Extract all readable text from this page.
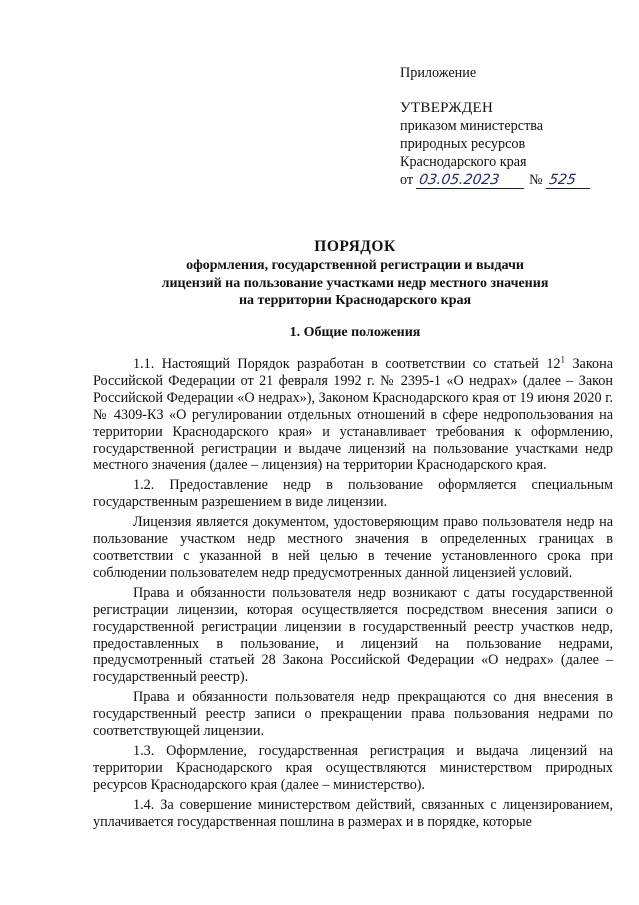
Приложение
УТВЕРЖДЕН
приказом министерства
природных ресурсов
Краснодарского края
от 03.05.2023	№ 525
ПОРЯДОК
оформления, государственной регистрации и выдачи
лицензий на пользование участками недр местного значения
на территории Краснодарского края
1. Общие положения

1.1. Настоящий Порядок разработан в соответствии со статьей $12^1$ Закона Российской Федерации от 21 февраля 1992 г. № 2395-1 «О недрах» (далее – Закон Российской Федерации «О недрах»), Законом Краснодарского края от 19 июня 2020 г. № 4309-КЗ «О регулировании отдельных отношений в сфере недропользования на территории Краснодарского края» и устанавливает требования к оформлению, государственной регистрации и выдаче лицензий на пользование участками недр местного значения (далее – лицензия) на территории Краснодарского края.

1.2. Предоставление недр в пользование оформляется специальным государственным разрешением в виде лицензии.

Лицензия является документом, удостоверяющим право пользователя недр на пользование участком недр местного значения в определенных границах в соответствии с указанной в ней целью в течение установленного срока при соблюдении пользователем недр предусмотренных данной лицензией условий.

Права и обязанности пользователя недр возникают с даты государственной регистрации лицензии, которая осуществляется посредством внесения записи о государственной регистрации лицензии в государственный реестр участков недр, предоставленных в пользование, и лицензий на пользование недрами, предусмотренный статьей 28 Закона Российской Федерации «О недрах» (далее – государственный реестр).

Права и обязанности пользователя недр прекращаются со дня внесения в государственный реестр записи о прекращении права пользования недрами по соответствующей лицензии.

1.3. Оформление, государственная регистрация и выдача лицензий на территории Краснодарского края осуществляются министерством природных ресурсов Краснодарского края (далее – министерство).

1.4. За совершение министерством действий, связанных с лицензированием, уплачивается государственная пошлина в размерах и в порядке, которые
